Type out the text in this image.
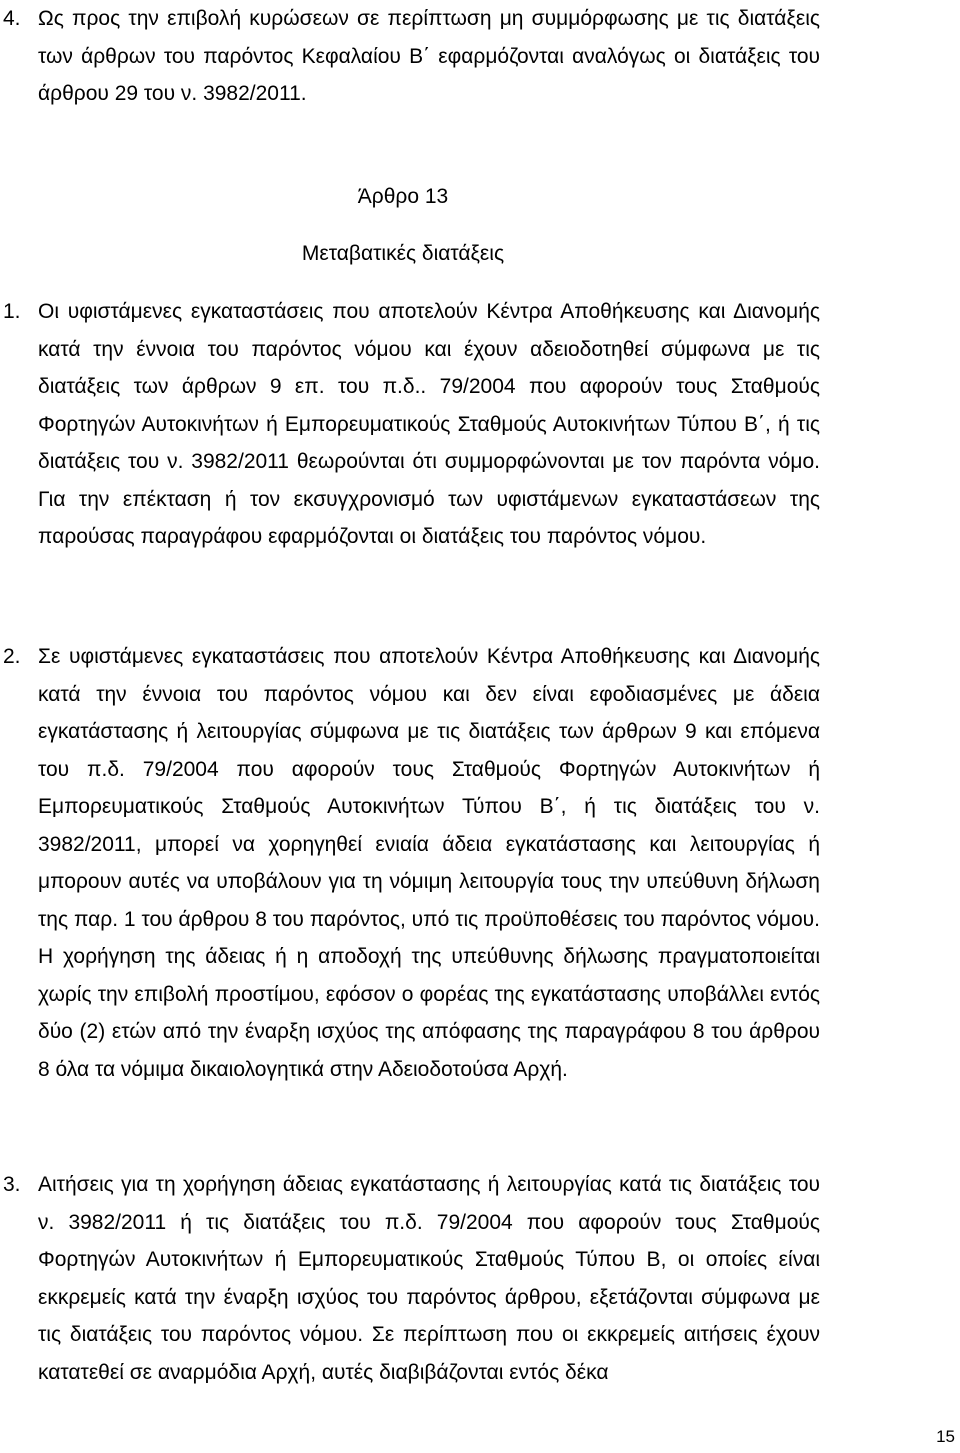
4. Ως προς την επιβολή κυρώσεων σε περίπτωση μη συμμόρφωσης με τις διατάξεις των άρθρων του παρόντος Κεφαλαίου Β΄ εφαρμόζονται αναλόγως οι διατάξεις του άρθρου 29 του ν. 3982/2011.
Άρθρο 13
Μεταβατικές διατάξεις
1. Οι υφιστάμενες εγκαταστάσεις που αποτελούν Κέντρα Αποθήκευσης και Διανομής κατά την έννοια του παρόντος νόμου και έχουν αδειοδοτηθεί σύμφωνα με τις διατάξεις των άρθρων 9 επ. του π.δ.. 79/2004 που αφορούν τους Σταθμούς Φορτηγών Αυτοκινήτων ή Εμπορευματικούς Σταθμούς Αυτοκινήτων Τύπου Β΄, ή τις διατάξεις του ν. 3982/2011 θεωρούνται ότι συμμορφώνονται με τον παρόντα νόμο. Για την επέκταση ή τον εκσυγχρονισμό των υφιστάμενων εγκαταστάσεων της παρούσας παραγράφου εφαρμόζονται οι διατάξεις του παρόντος νόμου.
2. Σε υφιστάμενες εγκαταστάσεις που αποτελούν Κέντρα Αποθήκευσης και Διανομής κατά την έννοια του παρόντος νόμου και δεν είναι εφοδιασμένες με άδεια εγκατάστασης ή λειτουργίας σύμφωνα με τις διατάξεις των άρθρων 9 και επόμενα του π.δ. 79/2004 που αφορούν τους Σταθμούς Φορτηγών Αυτοκινήτων ή Εμπορευματικούς Σταθμούς Αυτοκινήτων Τύπου Β΄, ή τις διατάξεις του ν. 3982/2011, μπορεί να χορηγηθεί ενιαία άδεια εγκατάστασης και λειτουργίας ή μπορουν αυτές να υποβάλουν για τη νόμιμη λειτουργία τους την υπεύθυνη δήλωση της παρ. 1 του άρθρου 8 του παρόντος, υπό τις προϋποθέσεις του παρόντος νόμου. Η χορήγηση της άδειας ή η αποδοχή της υπεύθυνης δήλωσης πραγματοποιείται χωρίς την επιβολή προστίμου, εφόσον ο φορέας της εγκατάστασης υποβάλλει εντός δύο (2) ετών από την έναρξη ισχύος της απόφασης της παραγράφου 8 του άρθρου 8 όλα τα νόμιμα δικαιολογητικά στην Αδειοδοτούσα Αρχή.
3. Αιτήσεις για τη χορήγηση άδειας εγκατάστασης ή λειτουργίας κατά τις διατάξεις του ν. 3982/2011 ή τις διατάξεις του π.δ. 79/2004 που αφορούν τους Σταθμούς Φορτηγών Αυτοκινήτων ή Εμπορευματικούς Σταθμούς Τύπου Β, οι οποίες είναι εκκρεμείς κατά την έναρξη ισχύος του παρόντος άρθρου, εξετάζονται σύμφωνα με τις διατάξεις του παρόντος νόμου. Σε περίπτωση που οι εκκρεμείς αιτήσεις έχουν κατατεθεί σε αναρμόδια Αρχή, αυτές διαβιβάζονται εντός δέκα
15
